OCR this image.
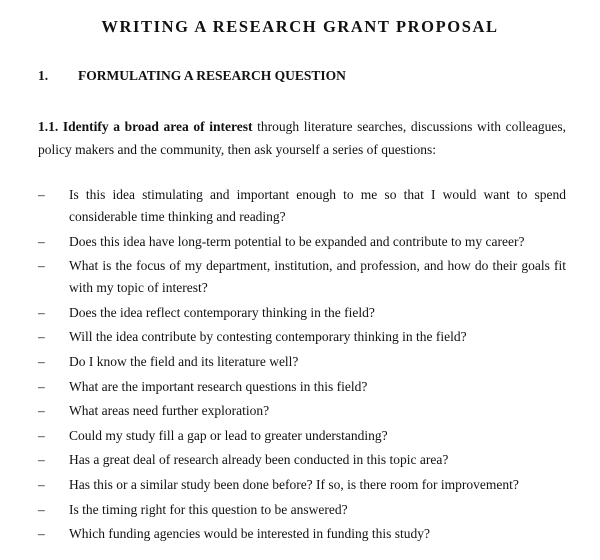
WRITING A RESEARCH GRANT PROPOSAL
1.	FORMULATING A RESEARCH QUESTION

1.1. Identify a broad area of interest through literature searches, discussions with colleagues, policy makers and the community, then ask yourself a series of questions:

–	Is this idea stimulating and important enough to me so that I would want to spend considerable time thinking and reading?
–	Does this idea have long-term potential to be expanded and contribute to my career?
–	What is the focus of my department, institution, and profession, and how do their goals fit with my topic of interest?
–	Does the idea reflect contemporary thinking in the field?
–	Will the idea contribute by contesting contemporary thinking in the field?
–	Do I know the field and its literature well?
–	What are the important research questions in this field?
–	What areas need further exploration?
–	Could my study fill a gap or lead to greater understanding?
–	Has a great deal of research already been conducted in this topic area?
–	Has this or a similar study been done before? If so, is there room for improvement?
–	Is the timing right for this question to be answered?
–	Which funding agencies would be interested in funding this study?
